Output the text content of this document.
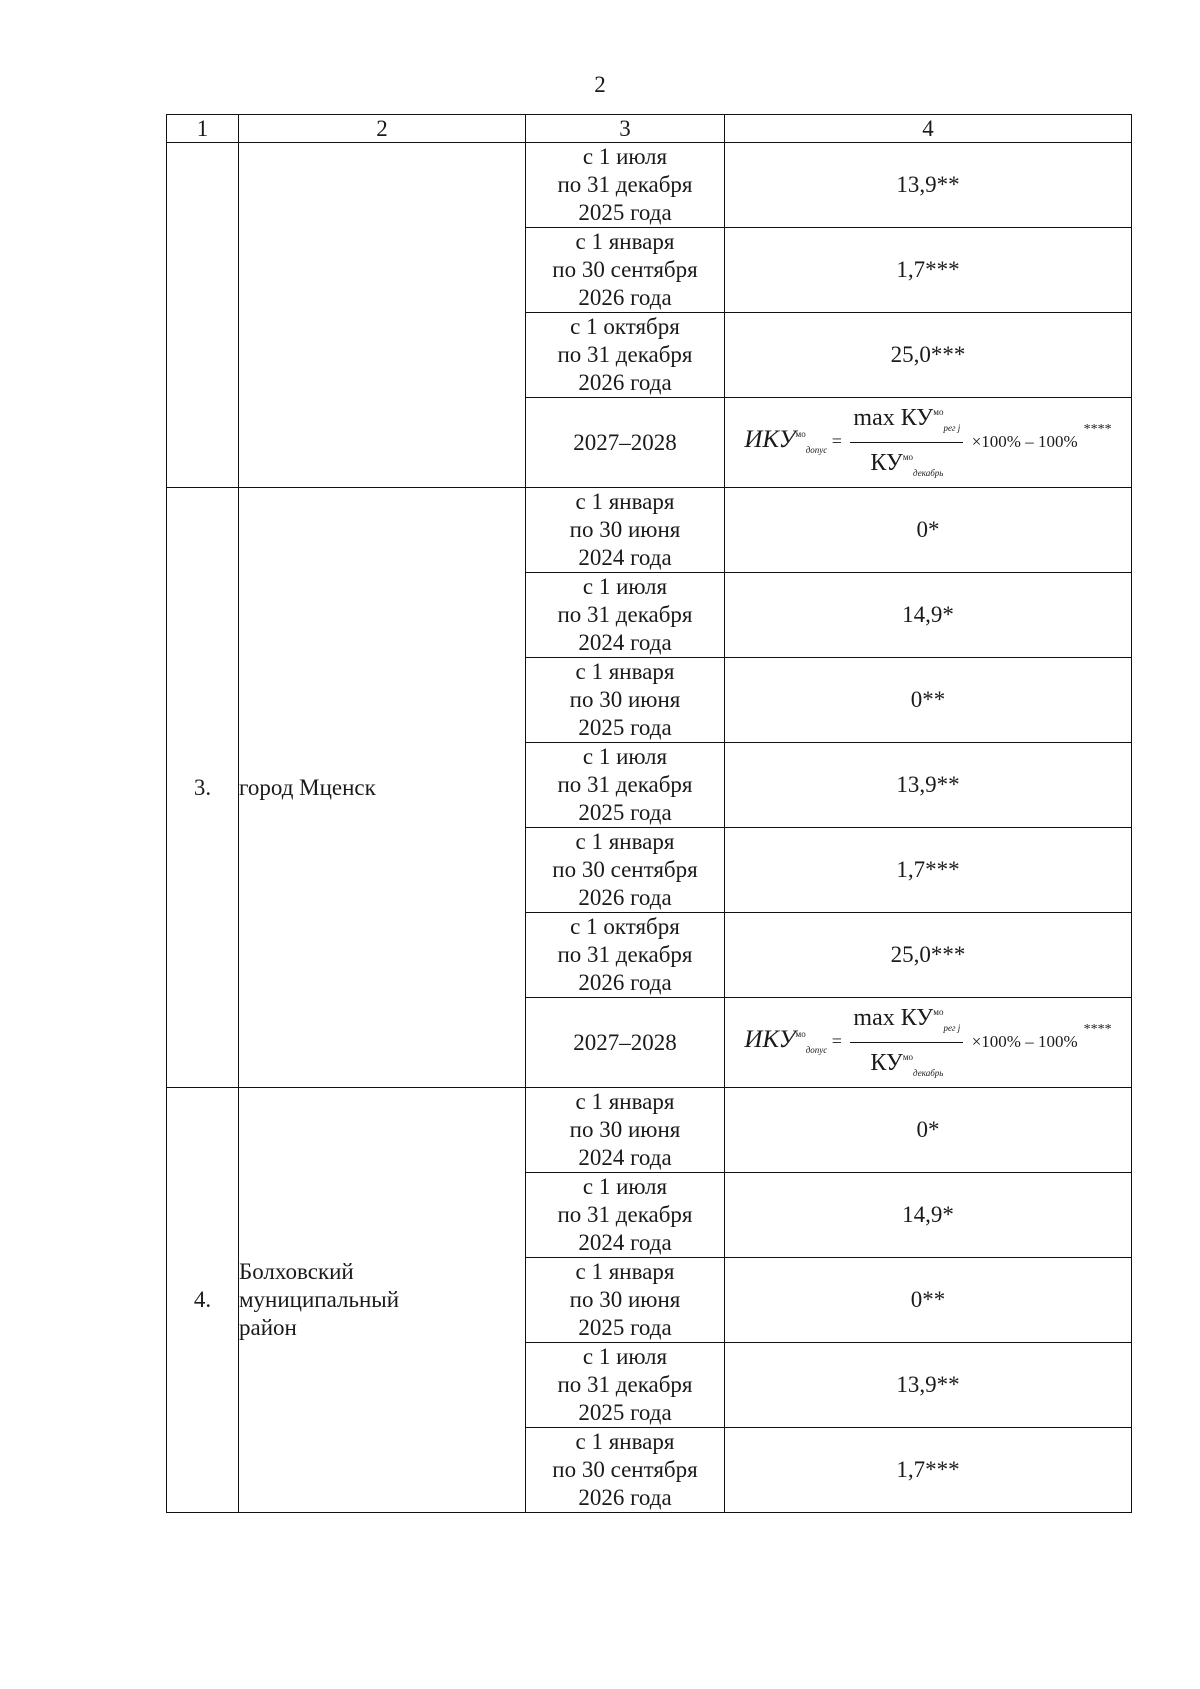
2
1	2	3	4
		с 1 июля
по 31 декабря
2025 года	13,9**
		с 1 января
по 30 сентября
2026 года	1,7***
		с 1 октября
по 31 декабря
2026 года	25,0***
		2027–2028	$ИКУ^{мо}_{допус} = \frac{\max КУ^{мо}_{рег j}}{КУ^{мо}_{декабрь}} \times 100\% - 100\%^{****}$
3.	город Мценск	с 1 января
по 30 июня
2024 года	0*
		с 1 июля
по 31 декабря
2024 года	14,9*
		с 1 января
по 30 июня
2025 года	0**
		с 1 июля
по 31 декабря
2025 года	13,9**
		с 1 января
по 30 сентября
2026 года	1,7***
		с 1 октября
по 31 декабря
2026 года	25,0***
		2027–2028	$ИКУ^{мо}_{допус} = \frac{\max КУ^{мо}_{рег j}}{КУ^{мо}_{декабрь}} \times 100\% - 100\%^{****}$
4.	Болховский
муниципальный
район	с 1 января
по 30 июня
2024 года	0*
		с 1 июля
по 31 декабря
2024 года	14,9*
		с 1 января
по 30 июня
2025 года	0**
		с 1 июля
по 31 декабря
2025 года	13,9**
		с 1 января
по 30 сентября
2026 года	1,7***
